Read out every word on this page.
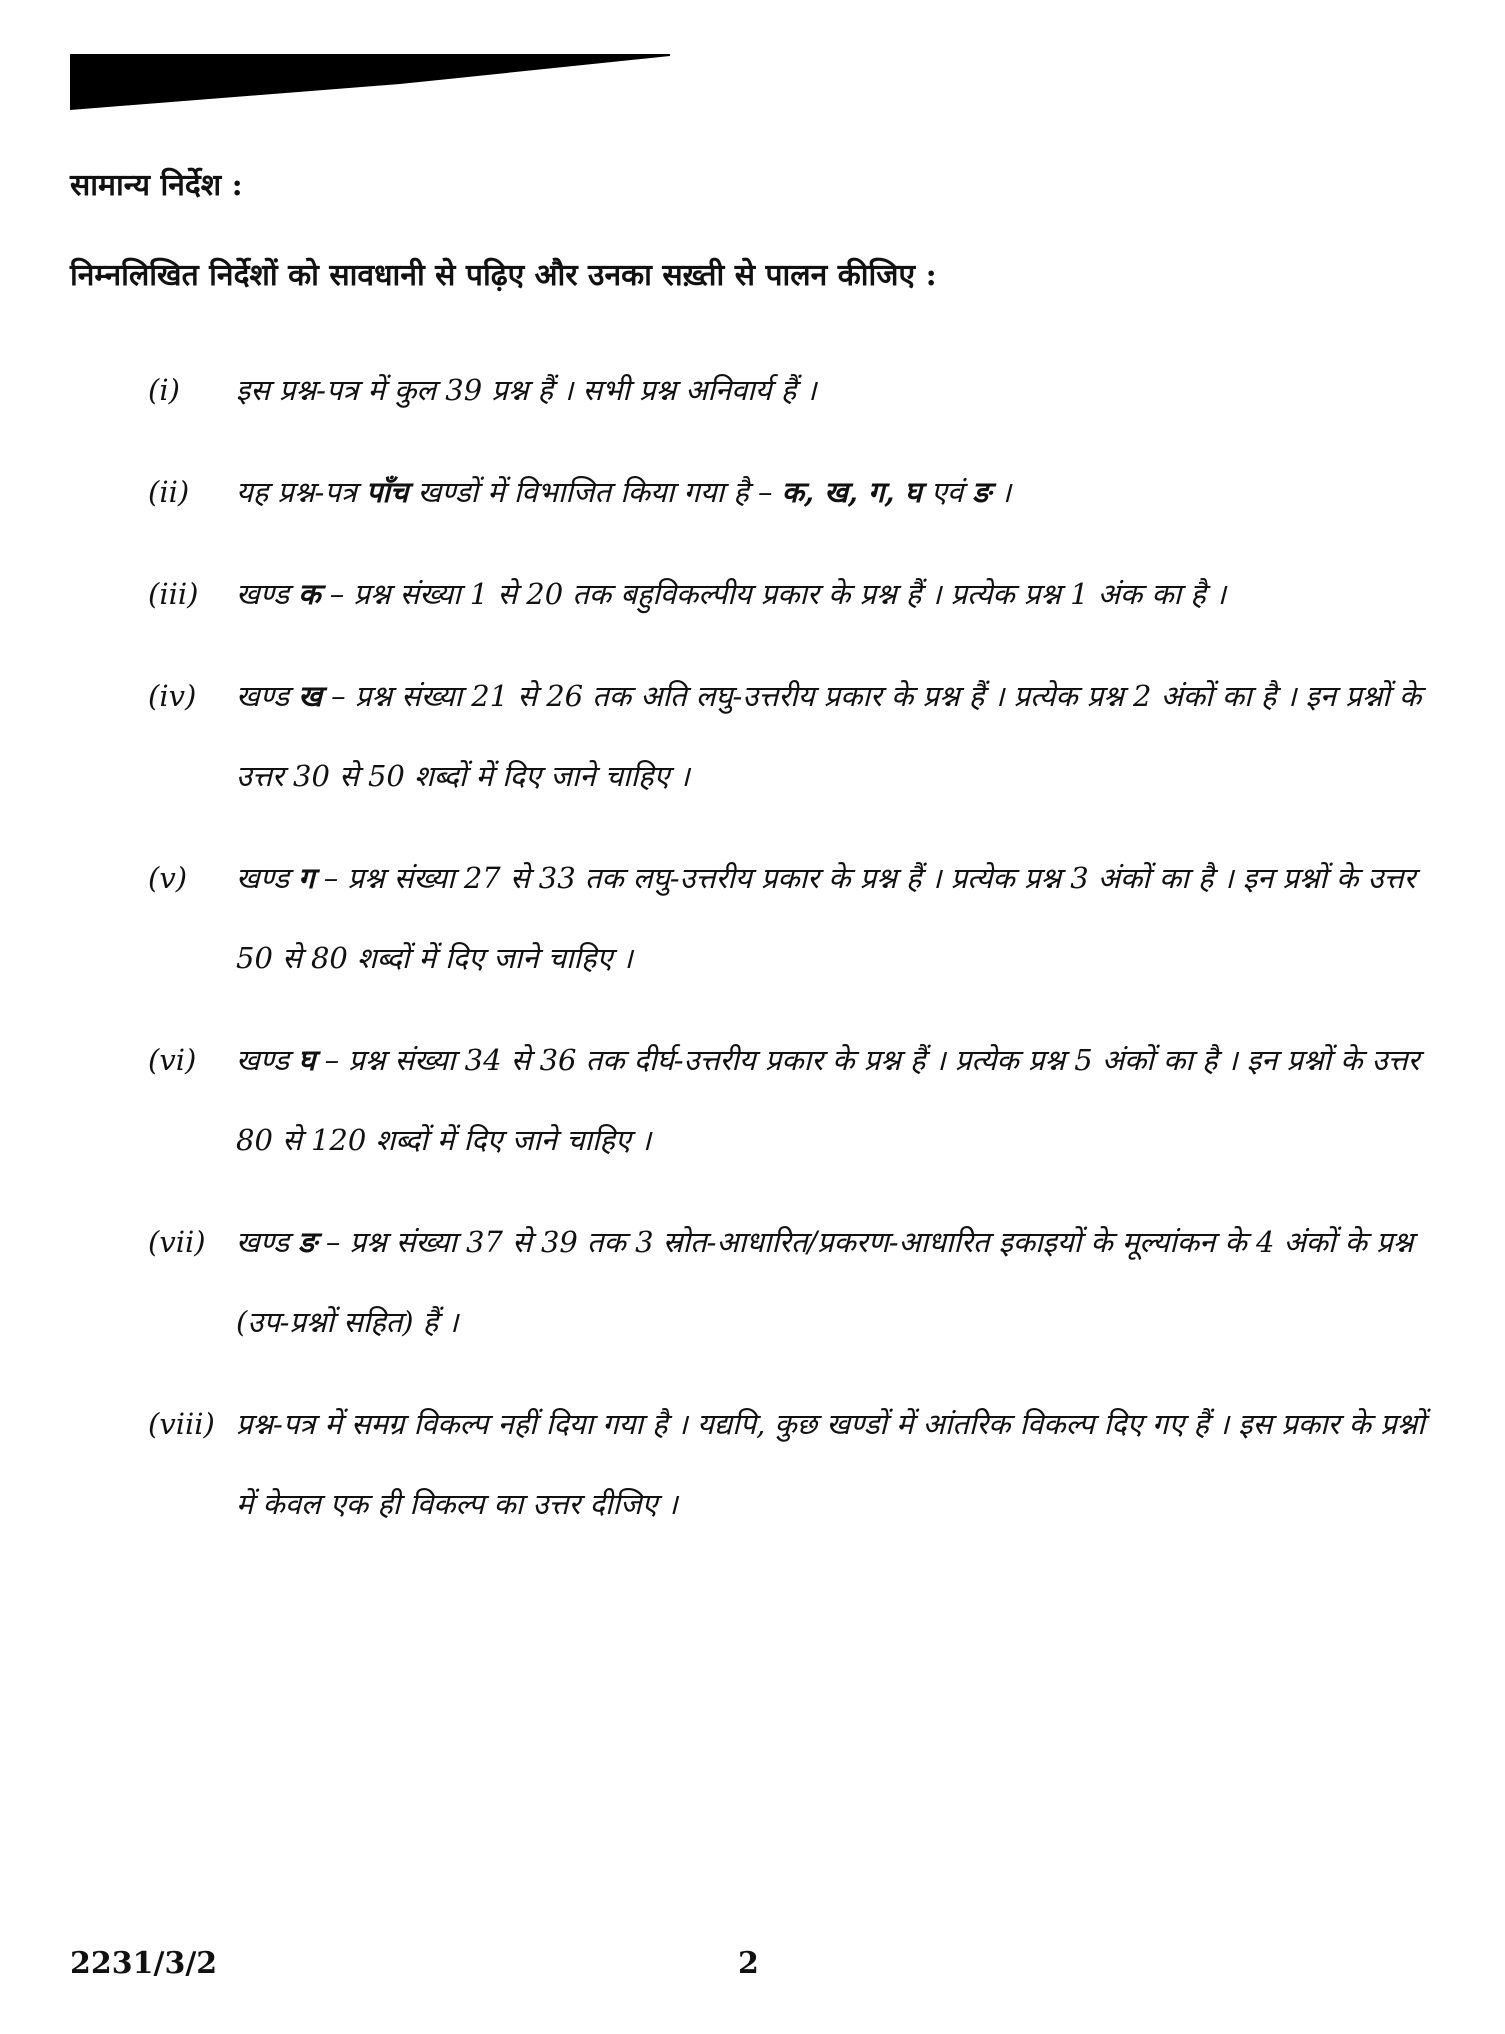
सामान्य निर्देश :
निम्नलिखित निर्देशों को सावधानी से पढ़िए और उनका सख़्ती से पालन कीजिए :
(i)	इस प्रश्न-पत्र में कुल 39 प्रश्न हैं । सभी प्रश्न अनिवार्य हैं ।
(ii)	यह प्रश्न-पत्र पाँच खण्डों में विभाजित किया गया है – क, ख, ग, घ एवं ङ ।
(iii)	खण्ड क – प्रश्न संख्या 1 से 20 तक बहुविकल्पीय प्रकार के प्रश्न हैं । प्रत्येक प्रश्न 1 अंक का है ।
(iv)	खण्ड ख – प्रश्न संख्या 21 से 26 तक अति लघु-उत्तरीय प्रकार के प्रश्न हैं । प्रत्येक प्रश्न 2 अंकों का है । इन प्रश्नों के उत्तर 30 से 50 शब्दों में दिए जाने चाहिए ।
(v)	खण्ड ग – प्रश्न संख्या 27 से 33 तक लघु-उत्तरीय प्रकार के प्रश्न हैं । प्रत्येक प्रश्न 3 अंकों का है । इन प्रश्नों के उत्तर 50 से 80 शब्दों में दिए जाने चाहिए ।
(vi)	खण्ड घ – प्रश्न संख्या 34 से 36 तक दीर्घ-उत्तरीय प्रकार के प्रश्न हैं । प्रत्येक प्रश्न 5 अंकों का है । इन प्रश्नों के उत्तर 80 से 120 शब्दों में दिए जाने चाहिए ।
(vii)	खण्ड ङ – प्रश्न संख्या 37 से 39 तक 3 स्रोत-आधारित/प्रकरण-आधारित इकाइयों के मूल्यांकन के 4 अंकों के प्रश्न (उप-प्रश्नों सहित) हैं ।
(viii) प्रश्न-पत्र में समग्र विकल्प नहीं दिया गया है । यद्यपि, कुछ खण्डों में आंतरिक विकल्प दिए गए हैं । इस प्रकार के प्रश्नों में केवल एक ही विकल्प का उत्तर दीजिए ।
2231/3/2	2
